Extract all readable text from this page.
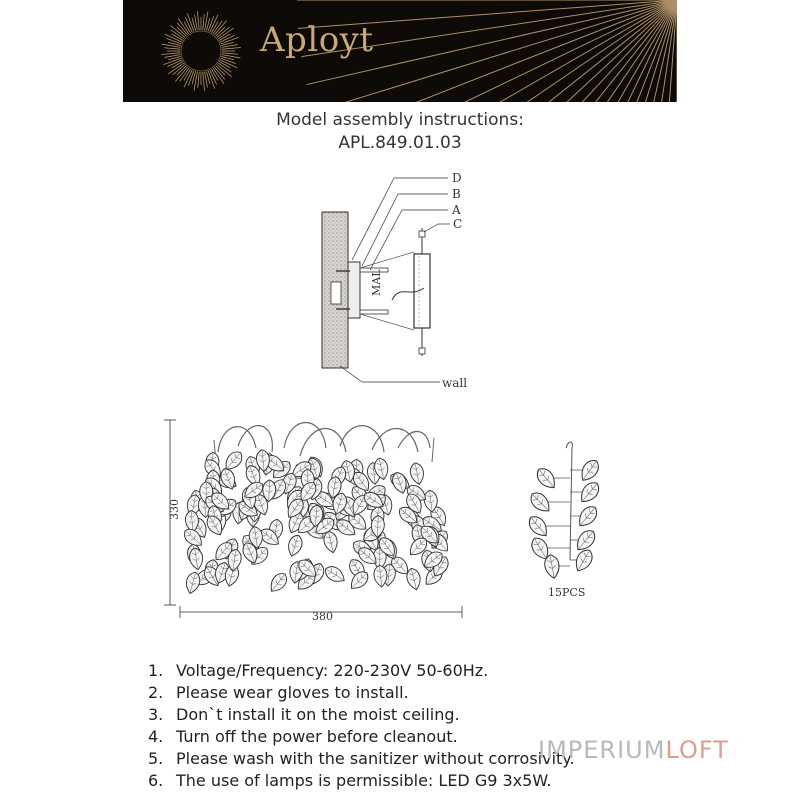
Aployt
Model assembly instructions:
APL.849.01.03
MAL
D
B
A
C
wall
330
380
15PCS
1. Voltage/Frequency: 220-230V 50-60Hz.
2. Please wear gloves to install.
3. Don`t install it on the moist ceiling.
4. Turn off the power before cleanout.
5. Please wash with the sanitizer without corrosivity.
6. The use of lamps is permissible: LED G9 3x5W.
IMPERIUMLOFT
